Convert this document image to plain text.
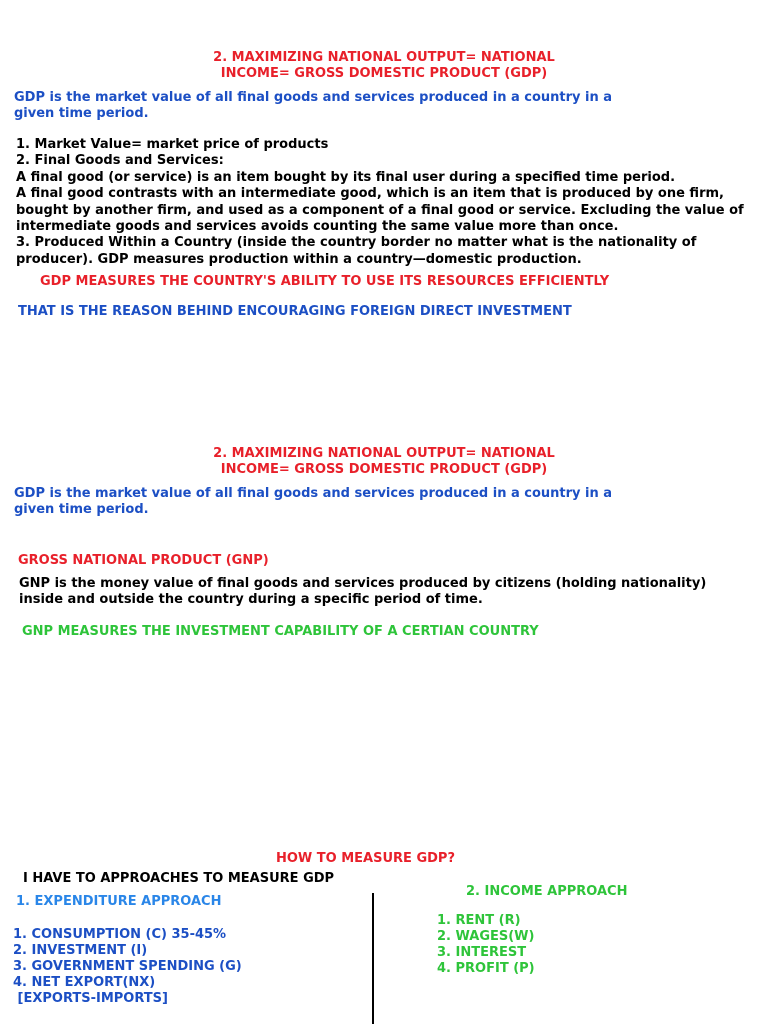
2. MAXIMIZING NATIONAL OUTPUT= NATIONAL
INCOME= GROSS DOMESTIC PRODUCT (GDP)
GDP is the market value of all final goods and services produced in a country in a
given time period.
1. Market Value= market price of products
2. Final Goods and Services:
A final good (or service) is an item bought by its final user during a specified time period.
A final good contrasts with an intermediate good, which is an item that is produced by one firm,
bought by another firm, and used as a component of a final good or service. Excluding the value of
intermediate goods and services avoids counting the same value more than once.
3. Produced Within a Country (inside the country border no matter what is the nationality of
producer). GDP measures production within a country—domestic production.
GDP MEASURES THE COUNTRY'S ABILITY TO USE ITS RESOURCES EFFICIENTLY
THAT IS THE REASON BEHIND ENCOURAGING FOREIGN DIRECT INVESTMENT
2. MAXIMIZING NATIONAL OUTPUT= NATIONAL
INCOME= GROSS DOMESTIC PRODUCT (GDP)
GDP is the market value of all final goods and services produced in a country in a
given time period.
GROSS NATIONAL PRODUCT (GNP)
GNP is the money value of final goods and services produced by citizens (holding nationality)
inside and outside the country during a specific period of time.
GNP MEASURES THE INVESTMENT CAPABILITY OF A CERTIAN COUNTRY
HOW TO MEASURE GDP?
I HAVE TO APPROACHES TO MEASURE GDP
2. INCOME APPROACH
1. EXPENDITURE APPROACH
1. CONSUMPTION (C) 35-45%
2. INVESTMENT (I)
3. GOVERNMENT SPENDING (G)
4. NET EXPORT(NX)
[EXPORTS-IMPORTS]
1. RENT (R)
2. WAGES(W)
3. INTEREST
4. PROFIT (P)
